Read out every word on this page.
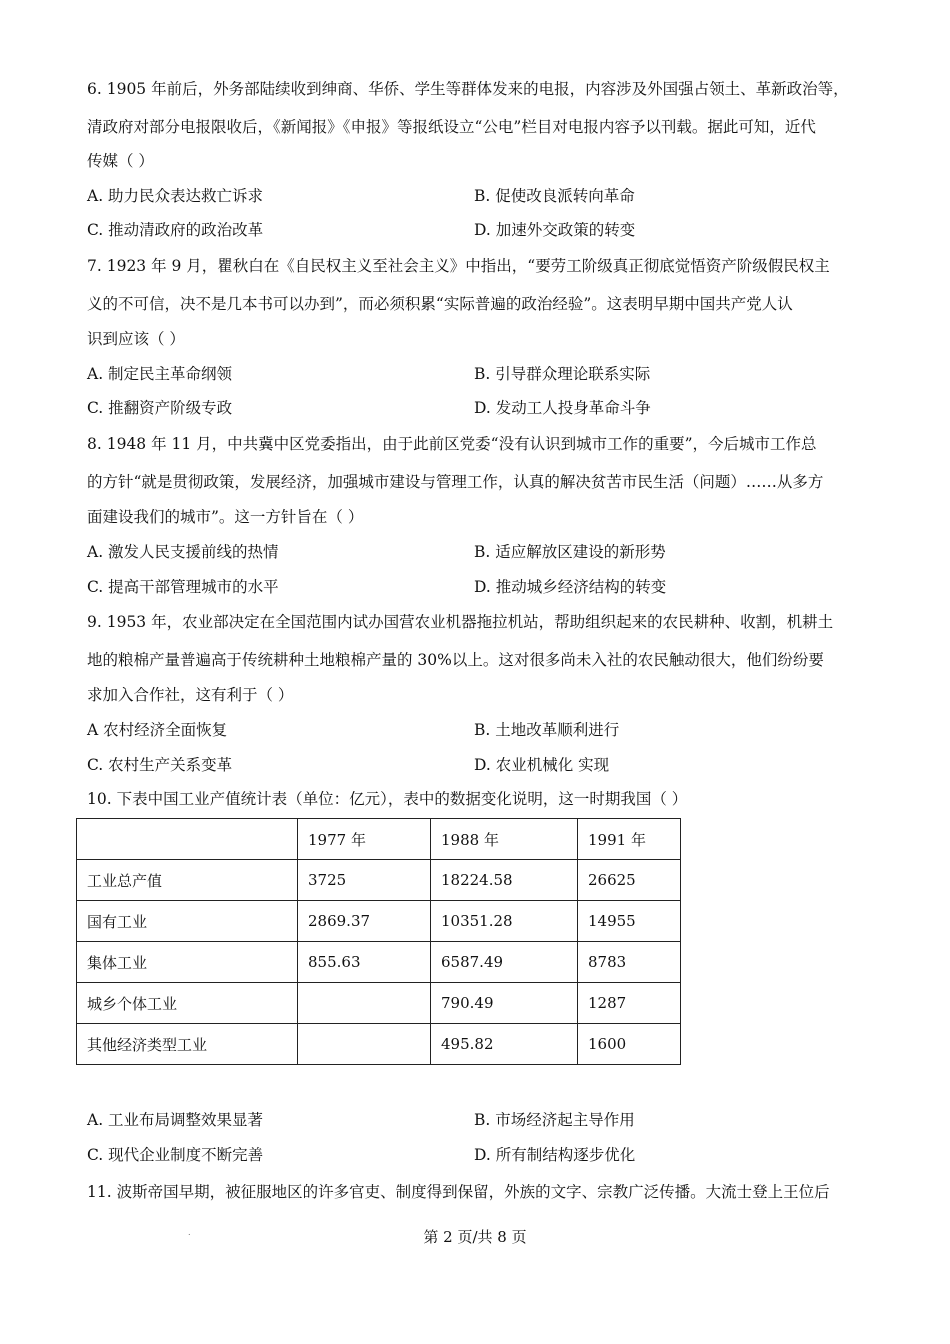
6. 1905 年前后，外务部陆续收到绅商、华侨、学生等群体发来的电报，内容涉及外国强占领土、革新政治等，
清政府对部分电报限收后，《新闻报》《申报》等报纸设立“公电”栏目对电报内容予以刊载。据此可知，近代
传媒（ ）
A. 助力民众表达救亡诉求	B. 促使改良派转向革命
C. 推动清政府的政治改革	D. 加速外交政策的转变
7. 1923 年 9 月，瞿秋白在《自民权主义至社会主义》中指出，“要劳工阶级真正彻底觉悟资产阶级假民权主
义的不可信，决不是几本书可以办到”，而必须积累“实际普遍的政治经验”。这表明早期中国共产党人认
识到应该（ ）
A. 制定民主革命纲领	B. 引导群众理论联系实际
C. 推翻资产阶级专政	D. 发动工人投身革命斗争
8. 1948 年 11 月，中共冀中区党委指出，由于此前区党委“没有认识到城市工作的重要”，今后城市工作总
的方针“就是贯彻政策，发展经济，加强城市建设与管理工作，认真的解决贫苦市民生活（问题）……从多方
面建设我们的城市”。这一方针旨在（ ）
A. 激发人民支援前线的热情	B. 适应解放区建设的新形势
C. 提高干部管理城市的水平	D. 推动城乡经济结构的转变
9. 1953 年，农业部决定在全国范围内试办国营农业机器拖拉机站，帮助组织起来的农民耕种、收割，机耕土
地的粮棉产量普遍高于传统耕种土地粮棉产量的 30%以上。这对很多尚未入社的农民触动很大，他们纷纷要
求加入合作社，这有利于（ ）
A 农村经济全面恢复	B. 土地改革顺利进行
C. 农村生产关系变革	D. 农业机械化 实现
10. 下表中国工业产值统计表（单位：亿元），表中的数据变化说明，这一时期我国（ ）
	1977 年	1988 年	1991 年
工业总产值	3725	18224.58	26625
国有工业	2869.37	10351.28	14955
集体工业	855.63	6587.49	8783
城乡个体工业		790.49	1287
其他经济类型工业		495.82	1600
A. 工业布局调整效果显著	B. 市场经济起主导作用
C. 现代企业制度不断完善	D. 所有制结构逐步优化
11. 波斯帝国早期，被征服地区的许多官吏、制度得到保留，外族的文字、宗教广泛传播。大流士登上王位后
.	第 2 页/共 8 页
